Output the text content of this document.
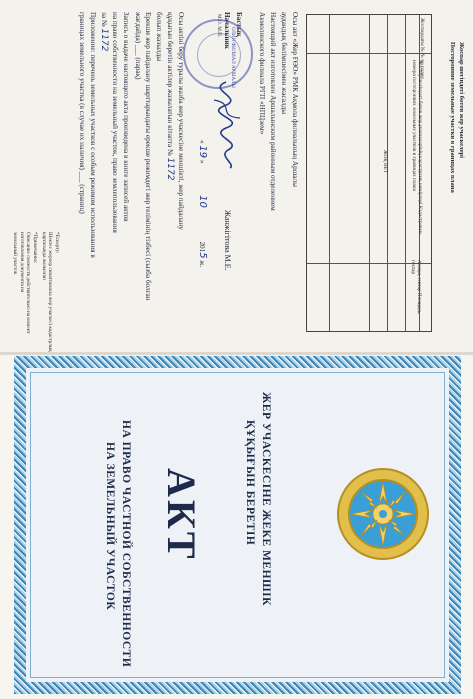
Жоспар шегіндегі бөтен жер учаскелері
Посторонние земельные участки в границах плана
Жоспардағы № № по плану
Жоспар шегіндегі бөтен жер учаскелерінің кадастрлық нөмірлері Кадастровые номера посторонних земельных участков в границах плана
Алаңы, гектар Площадь, гектар
ЖОҚ НЕТ
Осы акт «Жер ҒӨО» РМК Ақмола филиалының Аршалы
аудандық бөлімшесімен жасалды
Настоящий акт изготовлен Аршалынским районным отделением
Акмолинского филиала РГП «НПЦзем»
Бастық
Начальник
Жанжігітова М.Е.
М.О. М.П.
« 19 »  10  2015 ж.
Осы актіні беру туралы жазба жер учаскесіне меншікті, жер пайдалану
құқығын беретін актілер жазылатын кітапта № 1172
болып жазылды
Ерекше жер пайдалану шарттарындағы ерекше режимдегі жер телімінің тізбесі (сызба болған жағдайда) ___ (парақ)
Запись о выдаче настоящего акта произведена в книге записей актов
на право собственности на земельный участок, право землепользования
за № 1172
Приложение: перечень земельных участков с особым режимом использования в
границах земельного участка (в случае их наличия) ___ (страниц)
*Ескерту:
Шектес жерлер сипаттамасы жер учаскесі кадастрлық картасында жазылған
*Примечание:
Описание смежеств действительно на момент изготовления документа на
земельный участок
ОЛИН ФИЛИАЛ АРШАЛЫ
ЖЕР УЧАСКЕСІНЕ ЖЕКЕ МЕНШІК
ҚҰҚЫҒЫН БЕРЕТІН
АКТ
НА ПРАВО ЧАСТНОЙ СОБСТВЕННОСТИ
НА ЗЕМЕЛЬНЫЙ УЧАСТОК
